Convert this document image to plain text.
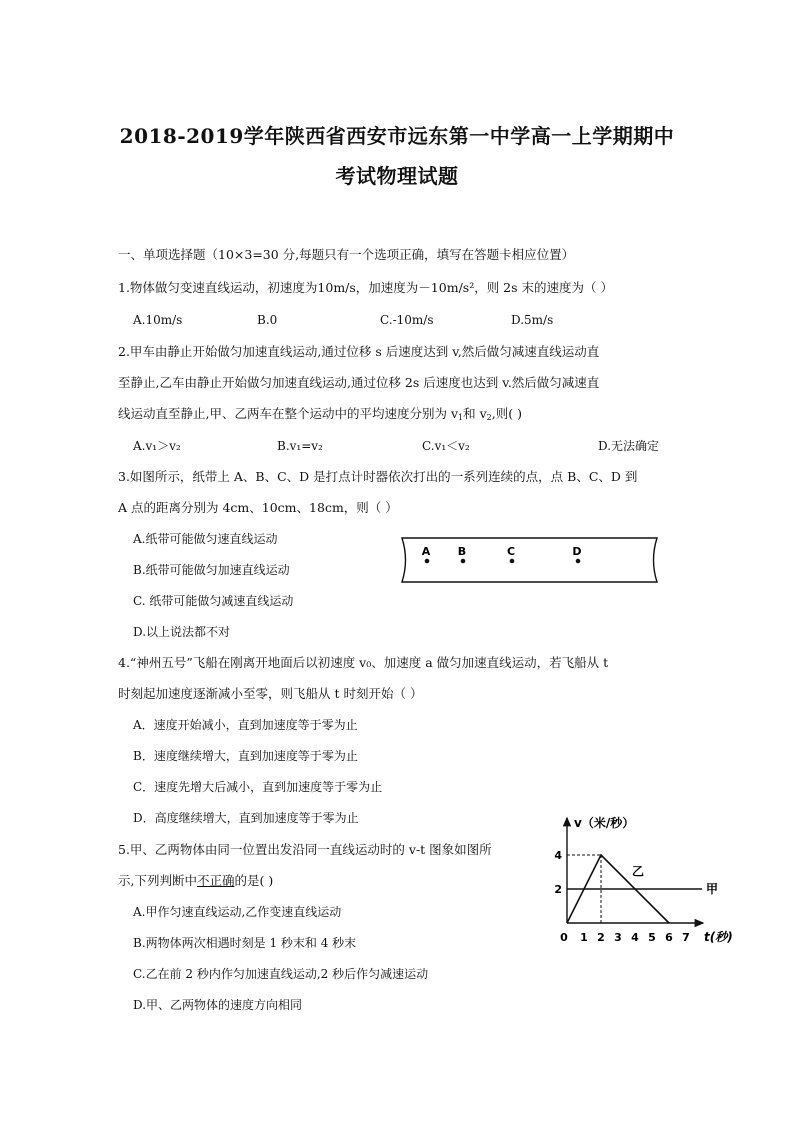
2018-2019学年陕西省西安市远东第一中学高一上学期期中
考试物理试题
一、单项选择题（10×3=30 分,每题只有一个选项正确，填写在答题卡相应位置）
1.物体做匀变速直线运动，初速度为10m/s，加速度为－10m/s²，则 2s 末的速度为（ ）
A.10m/s	B.0	C.-10m/s	D.5m/s
2.甲车由静止开始做匀加速直线运动,通过位移 s 后速度达到 v,然后做匀减速直线运动直
至静止,乙车由静止开始做匀加速直线运动,通过位移 2s 后速度也达到 v.然后做匀减速直
线运动直至静止,甲、乙两车在整个运动中的平均速度分别为 $v_1$和 $v_2$,则( )
A.v₁＞v₂	B.v₁=v₂	C.v₁＜v₂	D.无法确定
3.如图所示，纸带上 A、B、C、D 是打点计时器依次打出的一系列连续的点，点 B、C、D 到
A 点的距离分别为 4cm、10cm、18cm，则（ ）
A.纸带可能做匀速直线运动
B.纸带可能做匀加速直线运动
C. 纸带可能做匀减速直线运动
D.以上说法都不对
A	B	C	D
4.“神州五号”飞船在刚离开地面后以初速度 v₀、加速度 a 做匀加速直线运动，若飞船从 t
时刻起加速度逐渐减小至零，则飞船从 t 时刻开始（ ）
A．速度开始减小，直到加速度等于零为止
B．速度继续增大，直到加速度等于零为止
C．速度先增大后减小，直到加速度等于零为止
D．高度继续增大，直到加速度等于零为止
5.甲、乙两物体由同一位置出发沿同一直线运动时的 v-t 图象如图所
示,下列判断中不正确的是( )
A.甲作匀速直线运动,乙作变速直线运动
B.两物体两次相遇时刻是 1 秒末和 4 秒末
C.乙在前 2 秒内作匀加速直线运动,2 秒后作匀减速运动
D.甲、乙两物体的速度方向相同
v（米/秒）
t(秒)
0 1 2 3 4 5 6 7
2
4
甲
乙
